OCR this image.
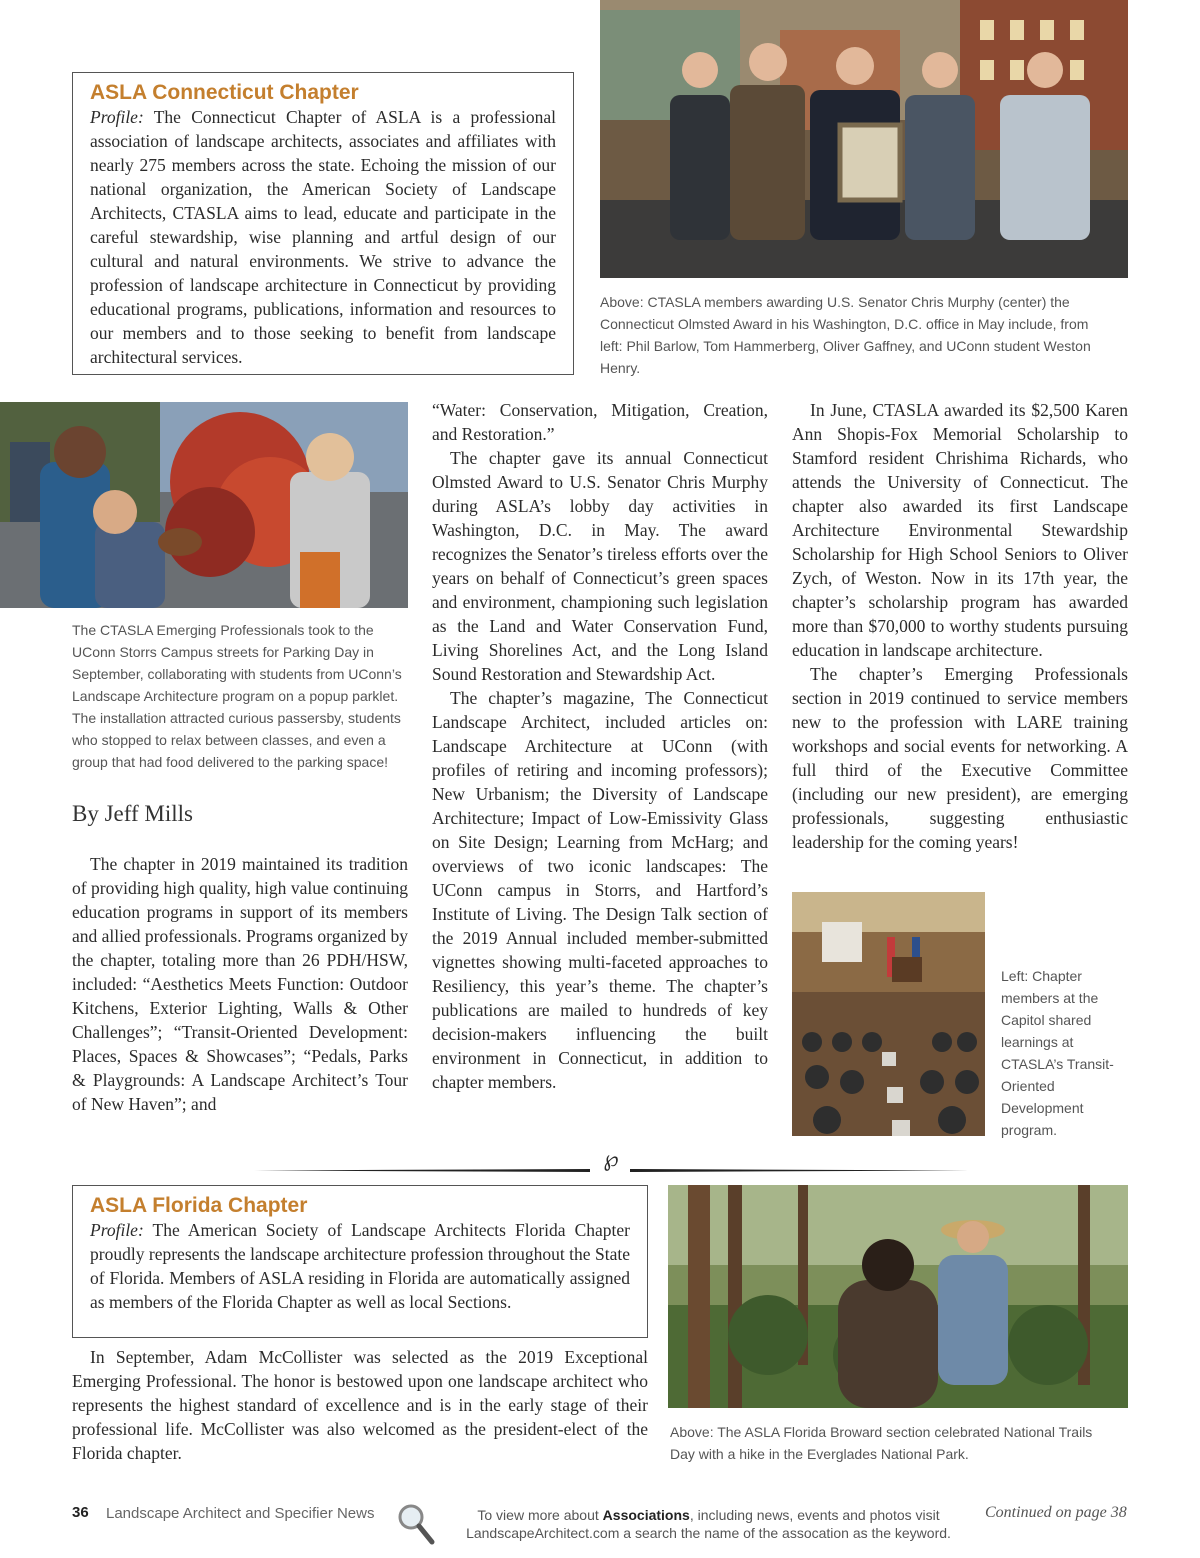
Above: CTASLA members awarding U.S. Senator Chris Murphy (center) the Connecticut Olmsted Award in his Washington, D.C. office in May include, from left: Phil Barlow, Tom Hammerberg, Oliver Gaffney, and UConn student Weston Henry.
ASLA Connecticut Chapter
Profile: The Connecticut Chapter of ASLA is a professional association of landscape architects, associates and affiliates with nearly 275 members across the state. Echoing the mission of our national organization, the American Society of Landscape Architects, CTASLA aims to lead, educate and participate in the careful stewardship, wise planning and artful design of our cultural and natural environments. We strive to advance the profession of landscape architecture in Connecticut by providing educational programs, publications, information and resources to our members and to those seeking to benefit from landscape architectural services.
The CTASLA Emerging Professionals took to the UConn Storrs Campus streets for Parking Day in September, collaborating with students from UConn’s Landscape Architecture program on a popup parklet. The installation attracted curious passersby, students who stopped to relax between classes, and even a group that had food delivered to the parking space!
By Jeff Mills

The chapter in 2019 maintained its tradition of providing high quality, high value continuing education programs in support of its members and allied professionals. Programs organized by the chapter, totaling more than 26 PDH/HSW, included: “Aesthetics Meets Function: Outdoor Kitchens, Exterior Lighting, Walls & Other Challenges”; “Transit-Oriented Development: Places, Spaces & Showcases”; “Pedals, Parks & Playgrounds: A Landscape Architect’s Tour of New Haven”; and

“Water: Conservation, Mitigation, Creation, and Restoration.”

The chapter gave its annual Connecticut Olmsted Award to U.S. Senator Chris Murphy during ASLA’s lobby day activities in Washington, D.C. in May. The award recognizes the Senator’s tireless efforts over the years on behalf of Connecticut’s green spaces and environment, championing such legislation as the Land and Water Conservation Fund, Living Shorelines Act, and the Long Island Sound Restoration and Stewardship Act.

The chapter’s magazine, The Connecticut Landscape Architect, included articles on: Landscape Architecture at UConn (with profiles of retiring and incoming professors); New Urbanism; the Diversity of Landscape Architecture; Impact of Low-Emissivity Glass on Site Design; Learning from McHarg; and overviews of two iconic landscapes: The UConn campus in Storrs, and Hartford’s Institute of Living. The Design Talk section of the 2019 Annual included member-submitted vignettes showing multi-faceted approaches to Resiliency, this year’s theme. The chapter’s publications are mailed to hundreds of key decision-makers influencing the built environment in Connecticut, in addition to chapter members.

In June, CTASLA awarded its $2,500 Karen Ann Shopis-Fox Memorial Scholarship to Stamford resident Chrishima Richards, who attends the University of Connecticut. The chapter also awarded its first Landscape Architecture Environmental Stewardship Scholarship for High School Seniors to Oliver Zych, of Weston. Now in its 17th year, the chapter’s scholarship program has awarded more than $70,000 to worthy students pursuing education in landscape architecture.

The chapter’s Emerging Professionals section in 2019 continued to service members new to the profession with LARE training workshops and social events for networking. A full third of the Executive Committee (including our new president), are emerging professionals, suggesting enthusiastic leadership for the coming years!

Left: Chapter members at the Capitol shared learnings at CTASLA’s Transit-Oriented Development program.
℘
ASLA Florida Chapter
Profile: The American Society of Landscape Architects Florida Chapter proudly represents the landscape architecture profession throughout the State of Florida. Members of ASLA residing in Florida are automatically assigned as members of the Florida Chapter as well as local Sections.

In September, Adam McCollister was selected as the 2019 Exceptional Emerging Professional. The honor is bestowed upon one landscape architect who represents the highest standard of excellence and is in the early stage of their professional life. McCollister was also welcomed as the president-elect of the Florida chapter.

Above: The ASLA Florida Broward section celebrated National Trails Day with a hike in the Everglades National Park.
36 Landscape Architect and Specifier News	To view more about Associations, including news, events and photos visit
LandscapeArchitect.com a search the name of the assocation as the keyword.
Continued on page 38
